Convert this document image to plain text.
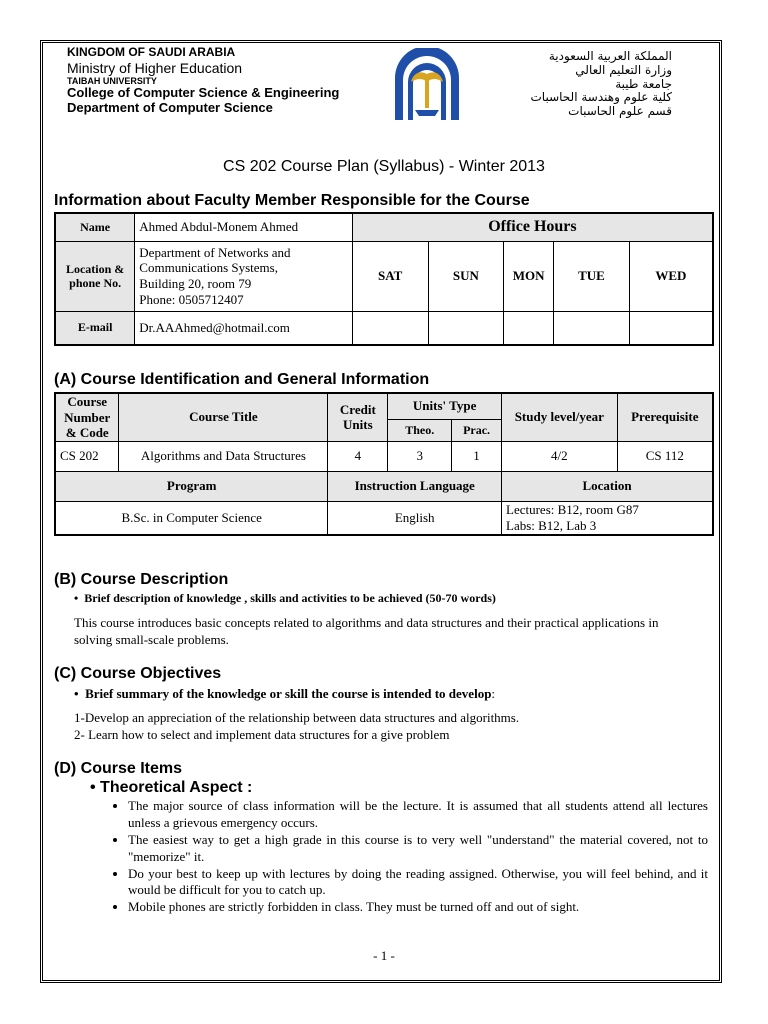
KINGDOM OF SAUDI ARABIA
Ministry of Higher Education
TAIBAH UNIVERSITY
College of Computer Science & Engineering
Department of Computer Science
المملكة العربية السعودية
وزارة التعليم العالي
جامعة طيبة
كلية علوم وهندسة الحاسبات
قسم علوم الحاسبات
CS 202 Course Plan (Syllabus) - Winter 2013
Information about Faculty Member Responsible for the Course
Name	Ahmed Abdul-Monem Ahmed	Office Hours				
Location & phone No.	Department of Networks and
Communications Systems,
Building 20, room 79
Phone: 0505712407	SAT	SUN	MON	TUE	WED
E-mail	Dr.AAAhmed@hotmail.com					
(A) Course Identification and General Information
Course Number & Code	Course Title	Credit Units	Units' Type		Study level/year	Prerequisite
			Theo.	Prac.		
CS 202	Algorithms and Data Structures	4	3	1	4/2	CS 112
Program		Instruction Language			Location	
B.Sc. in Computer Science		English			Lectures: B12, room G87
Labs: B12, Lab 3	
(B) Course Description
•  Brief description of knowledge , skills and activities to be achieved (50-70 words)
This course introduces basic concepts related to algorithms and data structures and their practical applications in solving small-scale problems.
(C) Course Objectives
•  Brief summary of the knowledge or skill the course is intended to develop:
1-Develop an appreciation of the relationship between data structures and algorithms.
2- Learn how to select and implement data structures for a give problem
(D) Course Items
• Theoretical Aspect :
• The major source of class information will be the lecture. It is assumed that all students attend all lectures unless a grievous emergency occurs.
• The easiest way to get a high grade in this course is to very well "understand" the material covered, not to "memorize" it.
• Do your best to keep up with lectures by doing the reading assigned. Otherwise, you will feel behind, and it would be difficult for you to catch up.
• Mobile phones are strictly forbidden in class. They must be turned off and out of sight.
- 1 -
